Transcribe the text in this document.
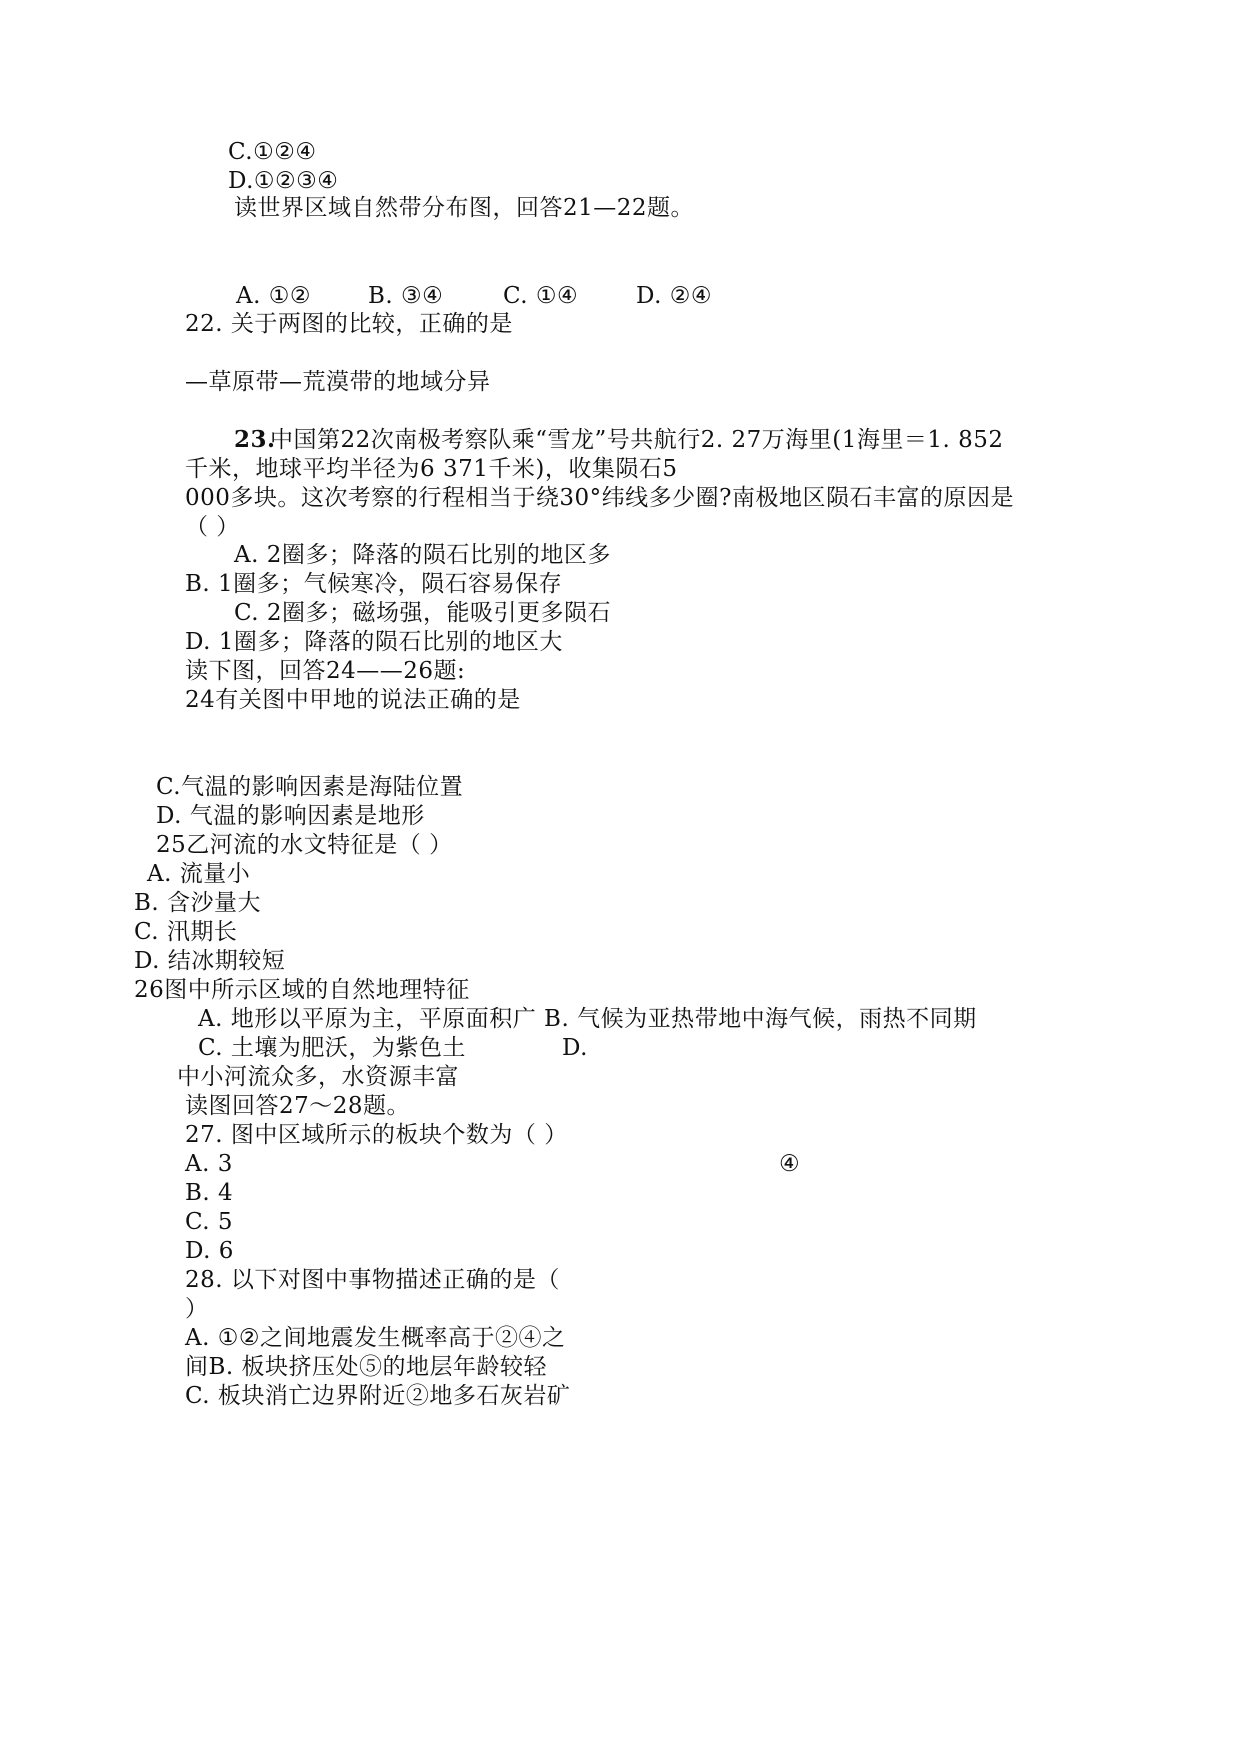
C.①②④
D.①②③④
读世界区域自然带分布图，回答21—22题。
A. ①② B. ③④	C. ①④	D. ②④
22. 关于两图的比较，正确的是
—草原带—荒漠带的地域分异
23.
中国第22次南极考察队乘“雪龙”号共航行2. 27万海里(1海里＝1. 852
千米，地球平均半径为6 371千米)，收集陨石5
000多块。这次考察的行程相当于绕30°纬线多少圈?南极地区陨石丰富的原因是
（ ）
A. 2圈多；降落的陨石比别的地区多
B. 1圈多；气候寒冷，陨石容易保存
C. 2圈多；磁场强，能吸引更多陨石
D. 1圈多；降落的陨石比别的地区大
读下图，回答24——26题:
24有关图中甲地的说法正确的是
C.气温的影响因素是海陆位置
D. 气温的影响因素是地形
25乙河流的水文特征是（ ）
A. 流量小
B. 含沙量大
C. 汛期长
D. 结冰期较短
26图中所示区域的自然地理特征
A. 地形以平原为主，平原面积广 B. 气候为亚热带地中海气候，雨热不同期
C. 土壤为肥沃，为紫色土	D.
中小河流众多，水资源丰富
读图回答27～28题。
27. 图中区域所示的板块个数为（ ）
A. 3	④
B. 4
C. 5
D. 6
28. 以下对图中事物描述正确的是（
）
A. ①②之间地震发生概率高于②④之
间B. 板块挤压处⑤的地层年龄较轻
C. 板块消亡边界附近②地多石灰岩矿
